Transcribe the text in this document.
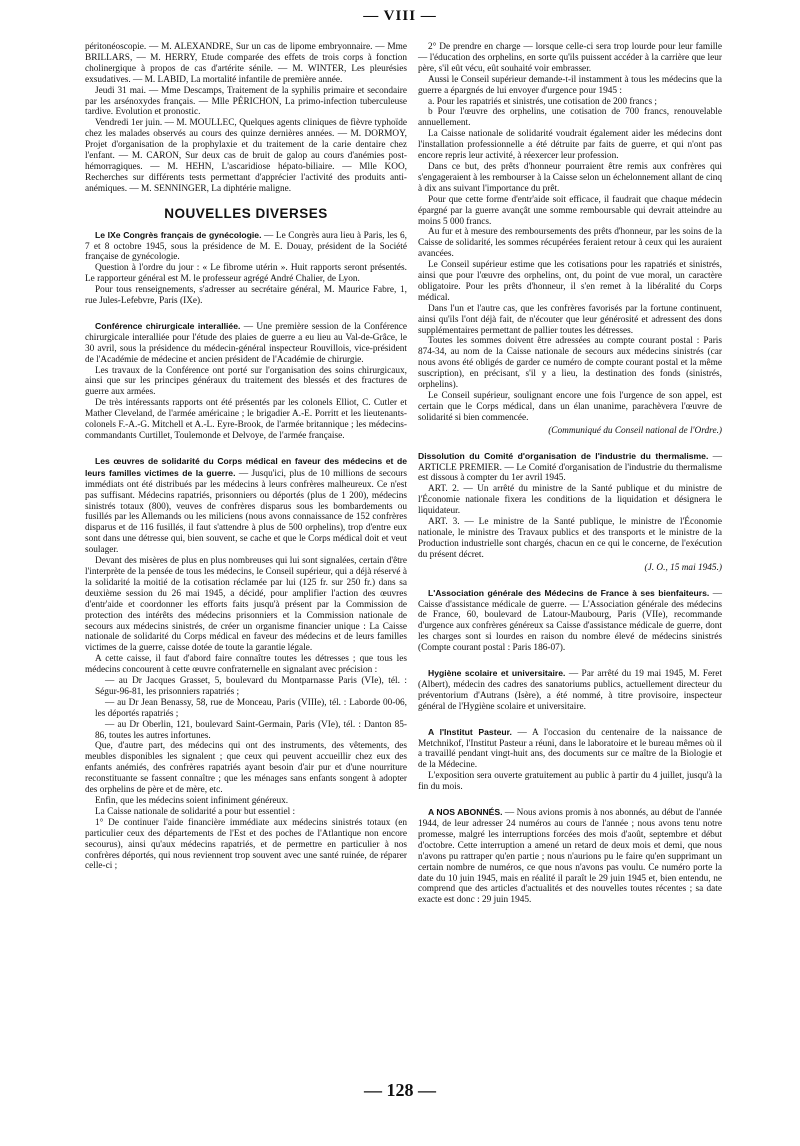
— VIII —

péritonéoscopie. — M. ALEXANDRE, Sur un cas de lipome embryonnaire. — Mme BRILLARS, — M. HERRY, Etude comparée des effets de trois corps à fonction cholinergique à propos de cas d'artérite sénile. — M. WINTER, Les pleurésies exsudatives. — M. LABID, La mortalité infantile de première année.

Jeudi 31 mai. — Mme Descamps, Traitement de la syphilis primaire et secondaire par les arsénoxydes franҫais. — Mlle PÉRICHON, La primo-infection tuberculeuse tardive. Evolution et pronostic.

Vendredi 1er juin. — M. MOULLEC, Quelques agents cliniques de fièvre typhoïde chez les malades observés au cours des quinze dernières années. — M. DORMOY, Projet d'organisation de la prophylaxie et du traitement de la carie dentaire chez l'enfant. — M. CARON, Sur deux cas de bruit de galop au cours d'anémies post-hémorragiques. — M. HEHN, L'ascaridiose hépato-biliaire. — Mlle KOO, Recherches sur différents tests permettant d'apprécier l'activité des produits anti-anémiques. — M. SENNINGER, La diphtérie maligne.

NOUVELLES DIVERSES

Le IXe Congrès français de gynécologie. — Le Congrès aura lieu à Paris, les 6, 7 et 8 octobre 1945, sous la présidence de M. E. Douay, président de la Société française de gynécologie.

Question à l'ordre du jour : « Le fibrome utérin ». Huit rapports seront présentés. Le rapporteur général est M. le professeur agrégé André Chalier, de Lyon.

Pour tous renseignements, s'adresser au secrétaire général, M. Maurice Fabre, 1, rue Jules-Lefebvre, Paris (IXe).

Conférence chirurgicale interalliée. — Une première session de la Conférence chirurgicale interalliée pour l'étude des plaies de guerre a eu lieu au Val-de-Grâce, le 30 avril, sous la présidence du médecin-général inspecteur Rouvillois, vice-président de l'Académie de médecine et ancien président de l'Académie de chirurgie.

Les travaux de la Conférence ont porté sur l'organisation des soins chirurgicaux, ainsi que sur les principes généraux du traitement des blessés et des fractures de guerre aux armées.

De très intéressants rapports ont été présentés par les colonels Elliot, C. Cutler et Mather Cleveland, de l'armée américaine ; le brigadier A.-E. Porritt et les lieutenants-colonels F.-A.-G. Mitchell et A.-L. Eyre-Brook, de l'armée britannique ; les médecins-commandants Curtillet, Toulemonde et Delvoye, de l'armée française.

Les œuvres de solidarité du Corps médical en faveur des médecins et de leurs familles victimes de la guerre. — Jusqu'ici, plus de 10 millions de secours immédiats ont été distribués par les médecins à leurs confrères malheureux. Ce n'est pas suffisant. Médecins rapatriés, prisonniers ou déportés (plus de 1 200), médecins sinistrés totaux (800), veuves de confrères disparus sous les bombardements ou fusillés par les Allemands ou les miliciens (nous avons connaissance de 152 confrères disparus et de 116 fusillés, il faut s'attendre à plus de 500 orphelins), trop d'entre eux sont dans une détresse qui, bien souvent, se cache et que le Corps médical doit et veut soulager.

Devant des misères de plus en plus nombreuses qui lui sont signalées, certain d'être l'interprète de la pensée de tous les médecins, le Conseil supérieur, qui a déjà réservé à la solidarité la moitié de la cotisation réclamée par lui (125 fr. sur 250 fr.) dans sa deuxième session du 26 mai 1945, a décidé, pour amplifier l'action des œuvres d'entr'aide et coordonner les efforts faits jusqu'à présent par la Commission de protection des intérêts des médecins prisonniers et la Commission nationale de secours aux médecins sinistrés, de créer un organisme financier unique : La Caisse nationale de solidarité du Corps médical en faveur des médecins et de leurs familles victimes de la guerre, caisse dotée de toute la garantie légale.

A cette caisse, il faut d'abord faire connaître toutes les détresses ; que tous les médecins concourent à cette œuvre confraternelle en signalant avec précision :

— au Dr Jacques Grasset, 5, boulevard du Montparnasse Paris (VIe), tél. : Ségur-96-81, les prisonniers rapatriés ;

— au Dr Jean Benassy, 58, rue de Monceau, Paris (VIIIe), tél. : Laborde 00-06, les déportés rapatriés ;

— au Dr Oberlin, 121, boulevard Saint-Germain, Paris (VIe), tél. : Danton 85-86, toutes les autres infortunes.

Que, d'autre part, des médecins qui ont des instruments, des vêtements, des meubles disponibles les signalent ; que ceux qui peuvent accueillir chez eux des enfants anémiés, des confrères rapatriés ayant besoin d'air pur et d'une nourriture reconstituante se fassent connaître ; que les ménages sans enfants songent à adopter des orphelins de père et de mère, etc.

Enfin, que les médecins soient infiniment généreux.

La Caisse nationale de solidarité a pour but essentiel :

1° De continuer l'aide financière immédiate aux médecins sinistrés totaux (en particulier ceux des départements de l'Est et des poches de l'Atlantique non encore secourus), ainsi qu'aux médecins rapatriés, et de permettre en particulier à nos confrères déportés, qui nous reviennent trop souvent avec une santé ruinée, de réparer celle-ci ;

2° De prendre en charge — lorsque celle-ci sera trop lourde pour leur famille — l'éducation des orphelins, en sorte qu'ils puissent accéder à la carrière que leur père, s'il eût vécu, eût souhaité voir embrasser.

Aussi le Conseil supérieur demande-t-il instamment à tous les médecins que la guerre a épargnés de lui envoyer d'urgence pour 1945 :

a. Pour les rapatriés et sinistrés, une cotisation de 200 francs ;

b Pour l'œuvre des orphelins, une cotisation de 700 francs, renouvelable annuellement.

La Caisse nationale de solidarité voudrait également aider les médecins dont l'installation professionnelle a été détruite par faits de guerre, et qui n'ont pas encore repris leur activité, à réexercer leur profession.

Dans ce but, des prêts d'honneur pourraient être remis aux confrères qui s'engageraient à les rembourser à la Caisse selon un échelonnement allant de cinq à dix ans suivant l'importance du prêt.

Pour que cette forme d'entr'aide soit efficace, il faudrait que chaque médecin épargné par la guerre avançât une somme remboursable qui devrait atteindre au moins 5 000 francs.

Au fur et à mesure des remboursements des prêts d'honneur, par les soins de la Caisse de solidarité, les sommes récupérées feraient retour à ceux qui les auraient avancées.

Le Conseil supérieur estime que les cotisations pour les rapatriés et sinistrés, ainsi que pour l'œuvre des orphelins, ont, du point de vue moral, un caractère obligatoire. Pour les prêts d'honneur, il s'en remet à la libéralité du Corps médical.

Dans l'un et l'autre cas, que les confrères favorisés par la fortune continuent, ainsi qu'ils l'ont déjà fait, de n'écouter que leur générosité et adressent des dons supplémentaires permettant de pallier toutes les détresses.

Toutes les sommes doivent être adressées au compte courant postal : Paris 874-34, au nom de la Caisse nationale de secours aux médecins sinistrés (car nous avons été obligés de garder ce numéro de compte courant postal et la même suscription), en précisant, s'il y a lieu, la destination des fonds (sinistrés, orphelins).

Le Conseil supérieur, soulignant encore une fois l'urgence de son appel, est certain que le Corps médical, dans un élan unanime, parachèvera l'œuvre de solidarité si bien commencée.

(Communiqué du Conseil national de l'Ordre.)

Dissolution du Comité d'organisation de l'industrie du thermalisme. — ARTICLE PREMIER. — Le Comité d'organisation de l'industrie du thermalisme est dissous à compter du 1er avril 1945.

ART. 2. — Un arrêté du ministre de la Santé publique et du ministre de l'Économie nationale fixera les conditions de la liquidation et désignera le liquidateur.

ART. 3. — Le ministre de la Santé publique, le ministre de l'Économie nationale, le ministre des Travaux publics et des transports et le ministre de la Production industrielle sont chargés, chacun en ce qui le concerne, de l'exécution du présent décret.

(J. O., 15 mai 1945.)

L'Association générale des Médecins de France à ses bienfaiteurs. — Caisse d'assistance médicale de guerre. — L'Association générale des médecins de France, 60, boulevard de Latour-Maubourg, Paris (VIIe), recommande d'urgence aux confrères généreux sa Caisse d'assistance médicale de guerre, dont les charges sont si lourdes en raison du nombre élevé de médecins sinistrés (Compte courant postal : Paris 186-07).

Hygiène scolaire et universitaire. — Par arrêté du 19 mai 1945, M. Feret (Albert), médecin des cadres des sanatoriums publics, actuellement directeur du préventorium d'Autrans (Isère), a été nommé, à titre provisoire, inspecteur général de l'Hygiène scolaire et universitaire.

A l'Institut Pasteur. — A l'occasion du centenaire de la naissance de Metchnikof, l'Institut Pasteur a réuni, dans le laboratoire et le bureau mêmes où il a travaillé pendant vingt-huit ans, des documents sur ce maître de la Biologie et de la Médecine.

L'exposition sera ouverte gratuitement au public à partir du 4 juillet, jusqu'à la fin du mois.

A NOS ABONNÉS. — Nous avions promis à nos abonnés, au début de l'année 1944, de leur adresser 24 numéros au cours de l'année ; nous avons tenu notre promesse, malgré les interruptions forcées des mois d'août, septembre et début d'octobre. Cette interruption a amené un retard de deux mois et demi, que nous n'avons pu rattraper qu'en partie ; nous n'aurions pu le faire qu'en supprimant un certain nombre de numéros, ce que nous n'avons pas voulu. Ce numéro porte la date du 10 juin 1945, mais en réalité il paraît le 29 juin 1945 et, bien entendu, ne comprend que des articles d'actualités et des nouvelles toutes récentes ; sa date exacte est donc : 29 juin 1945.

— 128 —
